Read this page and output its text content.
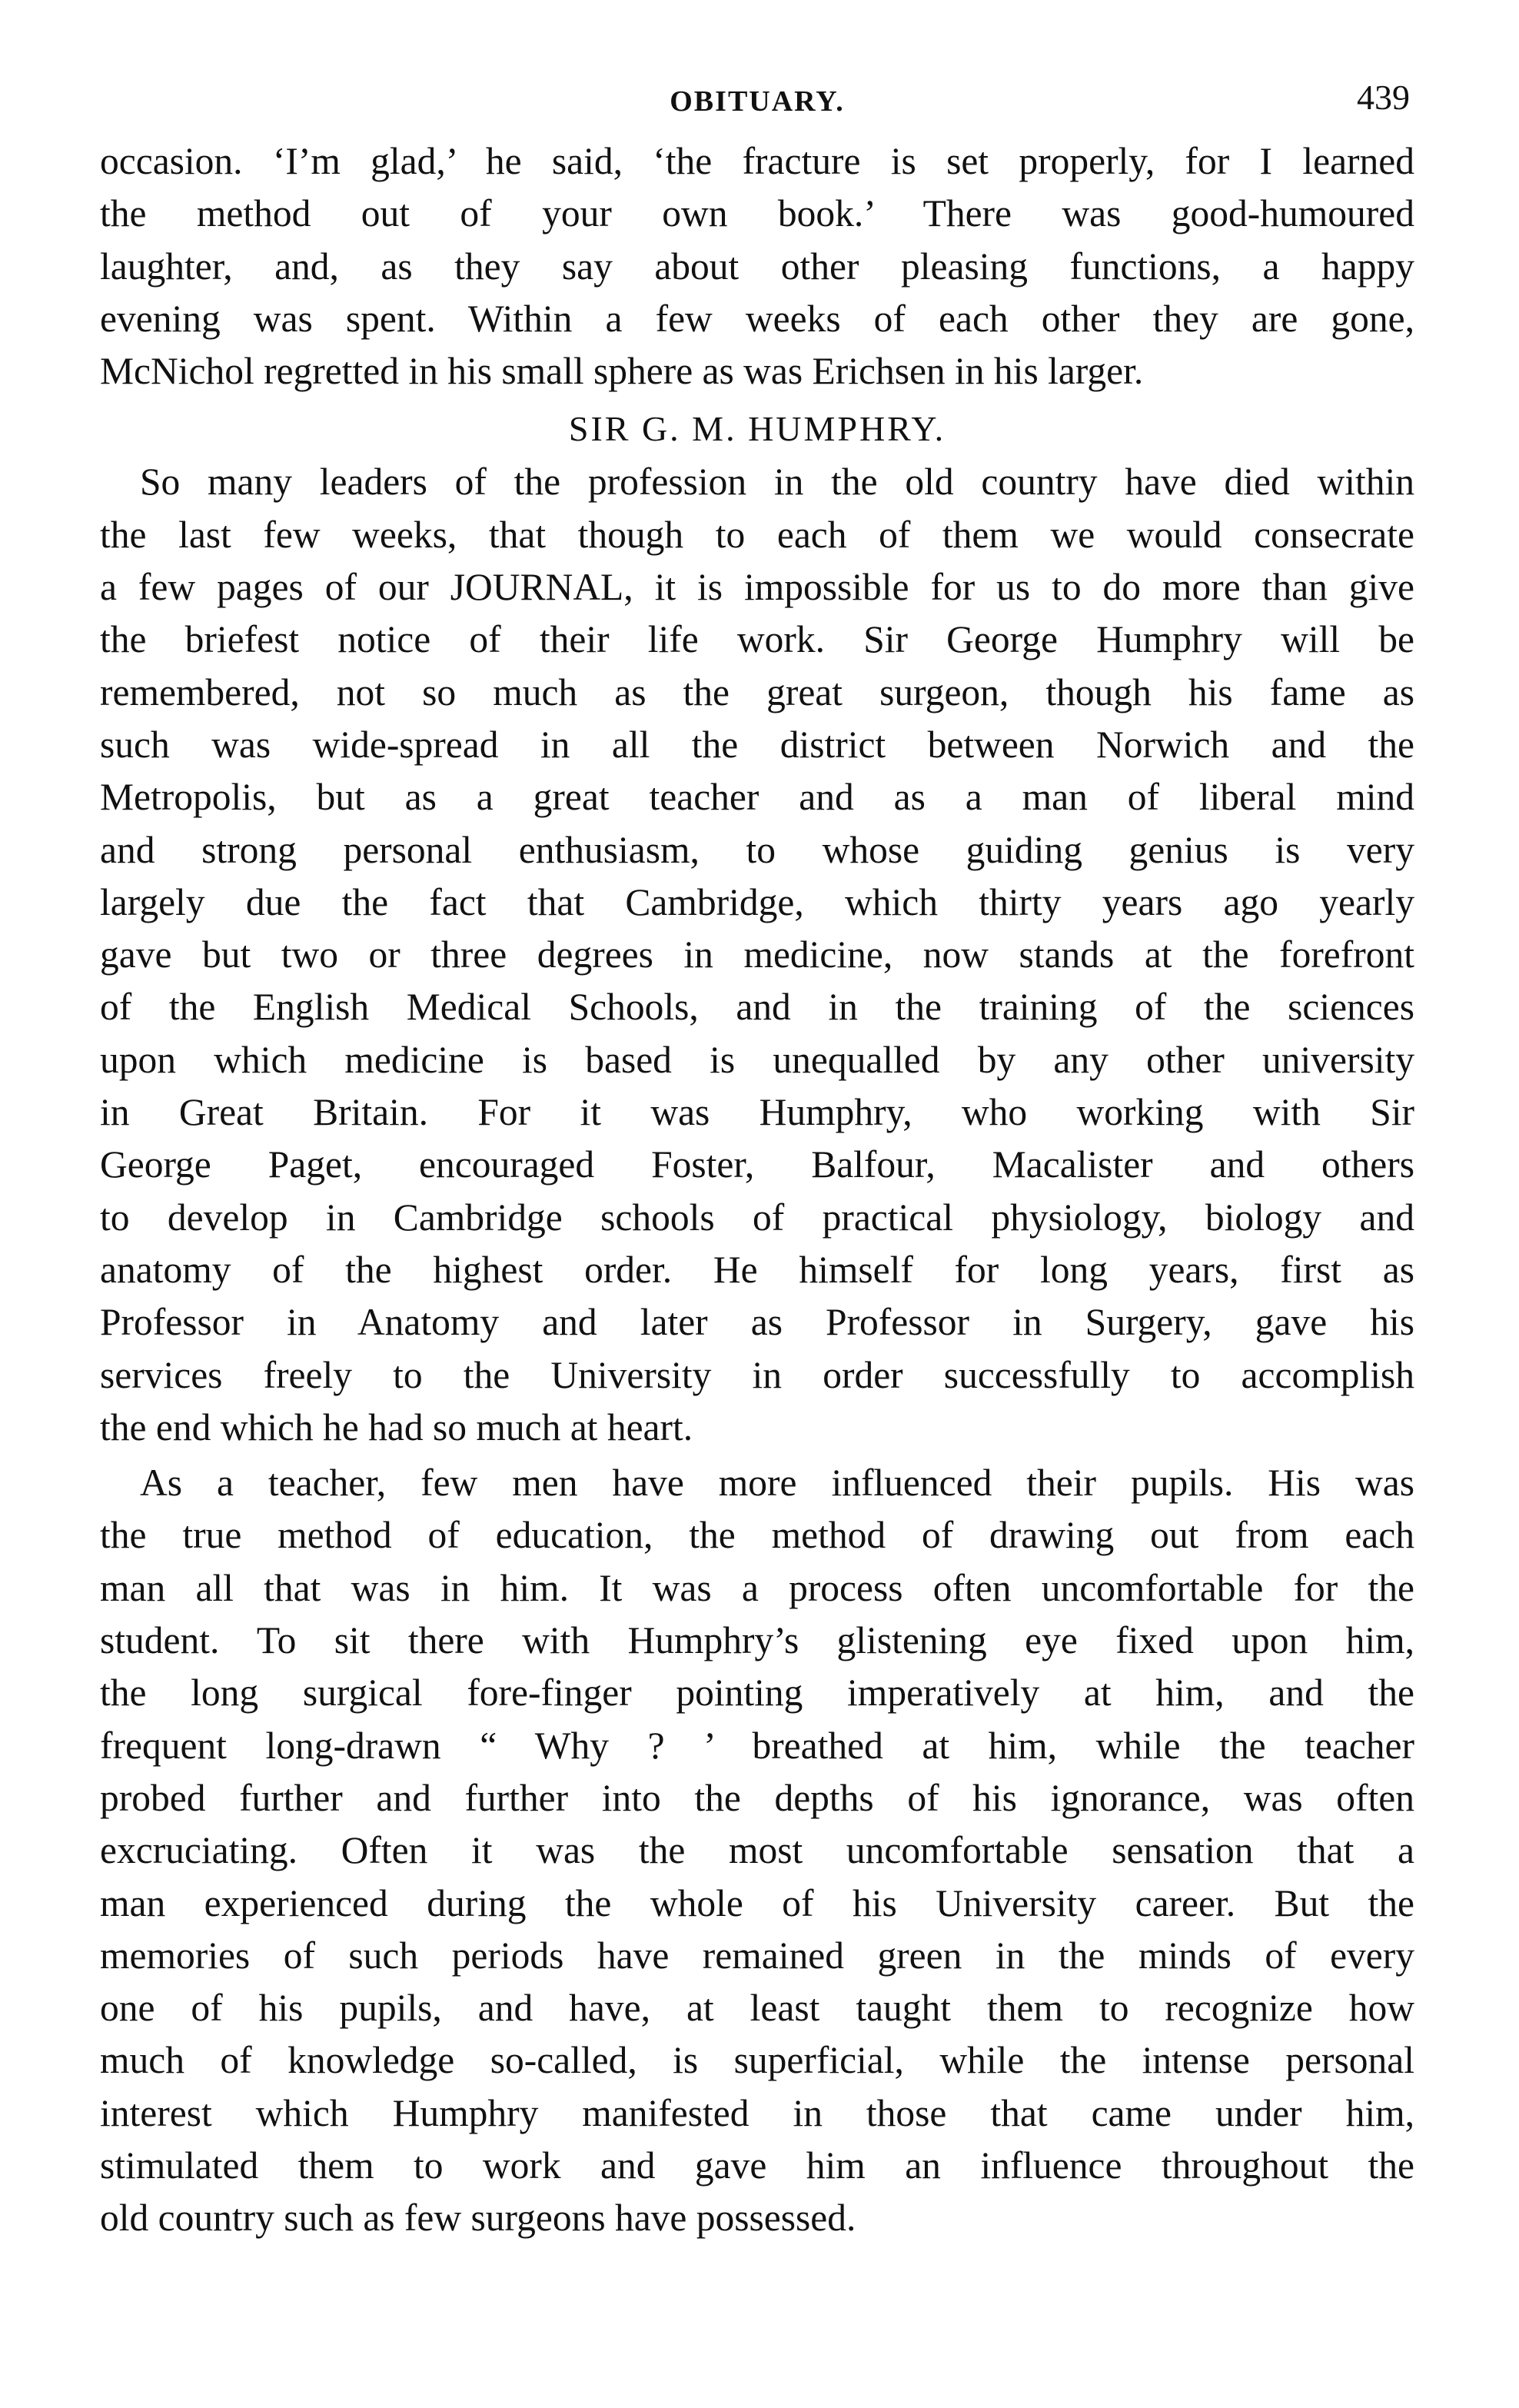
OBITUARY.	439
occasion. ‘I’m glad,’ he said, ‘the fracture is set properly, for I learned
the method out of your own book.’ There was good-humoured
laughter, and, as they say about other pleasing functions, a happy
evening was spent. Within a few weeks of each other they are gone,
McNichol regretted in his small sphere as was Erichsen in his larger.
SIR G. M. HUMPHRY.
So many leaders of the profession in the old country have died within
the last few weeks, that though to each of them we would consecrate
a few pages of our JOURNAL, it is impossible for us to do more than give
the briefest notice of their life work. Sir George Humphry will be
remembered, not so much as the great surgeon, though his fame as
such was wide-spread in all the district between Norwich and the
Metropolis, but as a great teacher and as a man of liberal mind
and strong personal enthusiasm, to whose guiding genius is very
largely due the fact that Cambridge, which thirty years ago yearly
gave but two or three degrees in medicine, now stands at the forefront
of the English Medical Schools, and in the training of the sciences
upon which medicine is based is unequalled by any other university
in Great Britain. For it was Humphry, who working with Sir
George Paget, encouraged Foster, Balfour, Macalister and others
to develop in Cambridge schools of practical physiology, biology and
anatomy of the highest order. He himself for long years, first as
Professor in Anatomy and later as Professor in Surgery, gave his
services freely to the University in order successfully to accomplish
the end which he had so much at heart.
As a teacher, few men have more influenced their pupils. His was
the true method of education, the method of drawing out from each
man all that was in him. It was a process often uncomfortable for the
student. To sit there with Humphry’s glistening eye fixed upon him,
the long surgical fore-finger pointing imperatively at him, and the
frequent long-drawn “ Why ? ’ breathed at him, while the teacher
probed further and further into the depths of his ignorance, was often
excruciating. Often it was the most uncomfortable sensation that a
man experienced during the whole of his University career. But the
memories of such periods have remained green in the minds of every
one of his pupils, and have, at least taught them to recognize how
much of knowledge so-called, is superficial, while the intense personal
interest which Humphry manifested in those that came under him,
stimulated them to work and gave him an influence throughout the
old country such as few surgeons have possessed.
